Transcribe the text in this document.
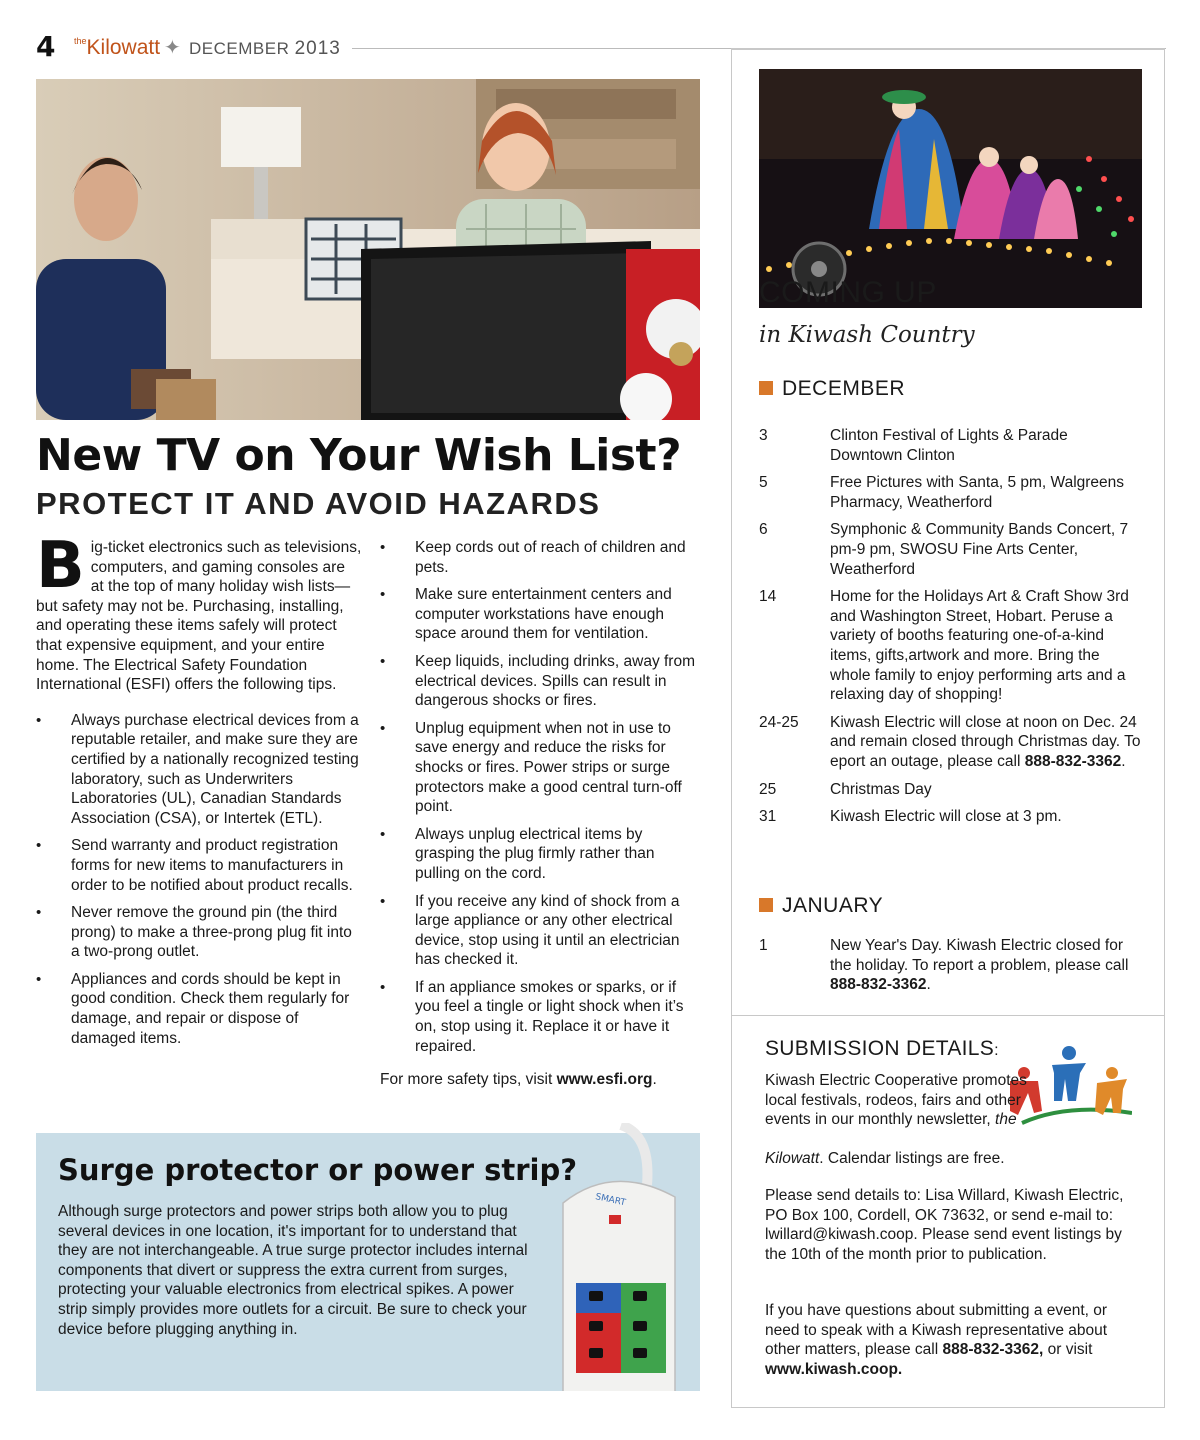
4 $^{the}$Kilowatt ✦ DECEMBER 2013
New TV on Your Wish List?
PROTECT IT AND AVOID HAZARDS

Big-ticket electronics such as televisions, computers, and gaming consoles are at the top of many holiday wish lists—but safety may not be. Purchasing, installing, and operating these items safely will protect that expensive equipment, and your entire home. The Electrical Safety Foundation International (ESFI) offers the following tips.

• Always purchase electrical devices from a reputable retailer, and make sure they are certified by a nationally recognized testing laboratory, such as Underwriters Laboratories (UL), Canadian Standards Association (CSA), or Intertek (ETL).
• Send warranty and product registration forms for new items to manufacturers in order to be notified about product recalls.
• Never remove the ground pin (the third prong) to make a three-prong plug fit into a two-prong outlet.
• Appliances and cords should be kept in good condition. Check them regularly for damage, and repair or dispose of damaged items.
• Keep cords out of reach of children and pets.
• Make sure entertainment centers and computer workstations have enough space around them for ventilation.
• Keep liquids, including drinks, away from electrical devices. Spills can result in dangerous shocks or fires.
• Unplug equipment when not in use to save energy and reduce the risks for shocks or fires. Power strips or surge protectors make a good central turn-off point.
• Always unplug electrical items by grasping the plug firmly rather than pulling on the cord.
• If you receive any kind of shock from a large appliance or any other electrical device, stop using it until an electrician has checked it.
• If an appliance smokes or sparks, or if you feel a tingle or light shock when it’s on, stop using it. Replace it or have it repaired.

For more safety tips, visit www.esfi.org.

Surge protector or power strip?

Although surge protectors and power strips both allow you to plug several devices in one location, it's important for to understand that they are not interchangeable. A true surge protector includes internal components that divert or suppress the extra current from surges, protecting your valuable electronics from electrical spikes. A power strip simply provides more outlets for a circuit. Be sure to check your device before plugging anything in.

SMART
COMING UP
in Kiwash Country
DECEMBER
3	Clinton Festival of Lights & Parade Downtown Clinton
5	Free Pictures with Santa, 5 pm, Walgreens Pharmacy, Weatherford
6	Symphonic & Community Bands Concert, 7 pm-9 pm, SWOSU Fine Arts Center, Weatherford
14	Home for the Holidays Art & Craft Show 3rd and Washington Street, Hobart. Peruse a variety of booths featuring one-of-a-kind items, gifts,artwork and more. Bring the whole family to enjoy performing arts and a relaxing day of shopping!
24-25	Kiwash Electric will close at noon on Dec. 24 and remain closed through Christmas day. To eport an outage, please call 888-832-3362.
25	Christmas Day
31	Kiwash Electric will close at 3 pm.
JANUARY
1	New Year's Day. Kiwash Electric closed for the holiday. To report a problem, please call 888-832-3362.
SUBMISSION DETAILS:

Kiwash Electric Cooperative promotes local festivals, rodeos, fairs and other events in our monthly newsletter, the

Kilowatt. Calendar listings are free.

Please send details to: Lisa Willard, Kiwash Electric, PO Box 100, Cordell, OK 73632, or send e-mail to: lwillard@kiwash.coop. Please send event listings by the 10th of the month prior to publication.

If you have questions about submitting a event, or need to speak with a Kiwash representative about other matters, please call 888-832-3362, or visit www.kiwash.coop.
